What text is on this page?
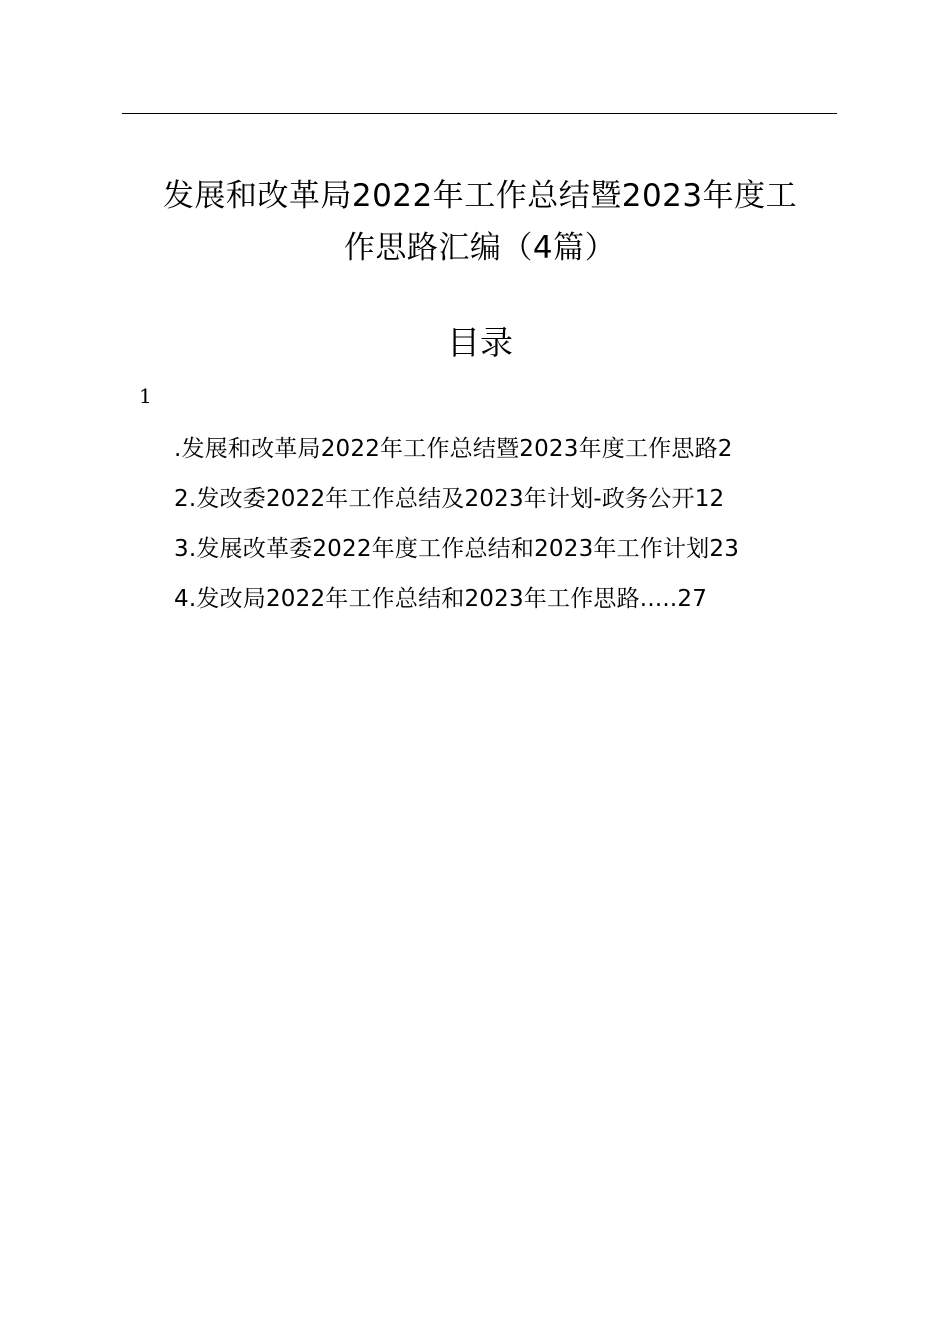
发展和改革局2022年工作总结暨2023年度工
作思路汇编（4篇）
目录
1
.发展和改革局2022年工作总结暨2023年度工作思路2
2.发改委2022年工作总结及2023年计划-政务公开12
3.发展改革委2022年度工作总结和2023年工作计划23
4.发改局2022年工作总结和2023年工作思路.....27
